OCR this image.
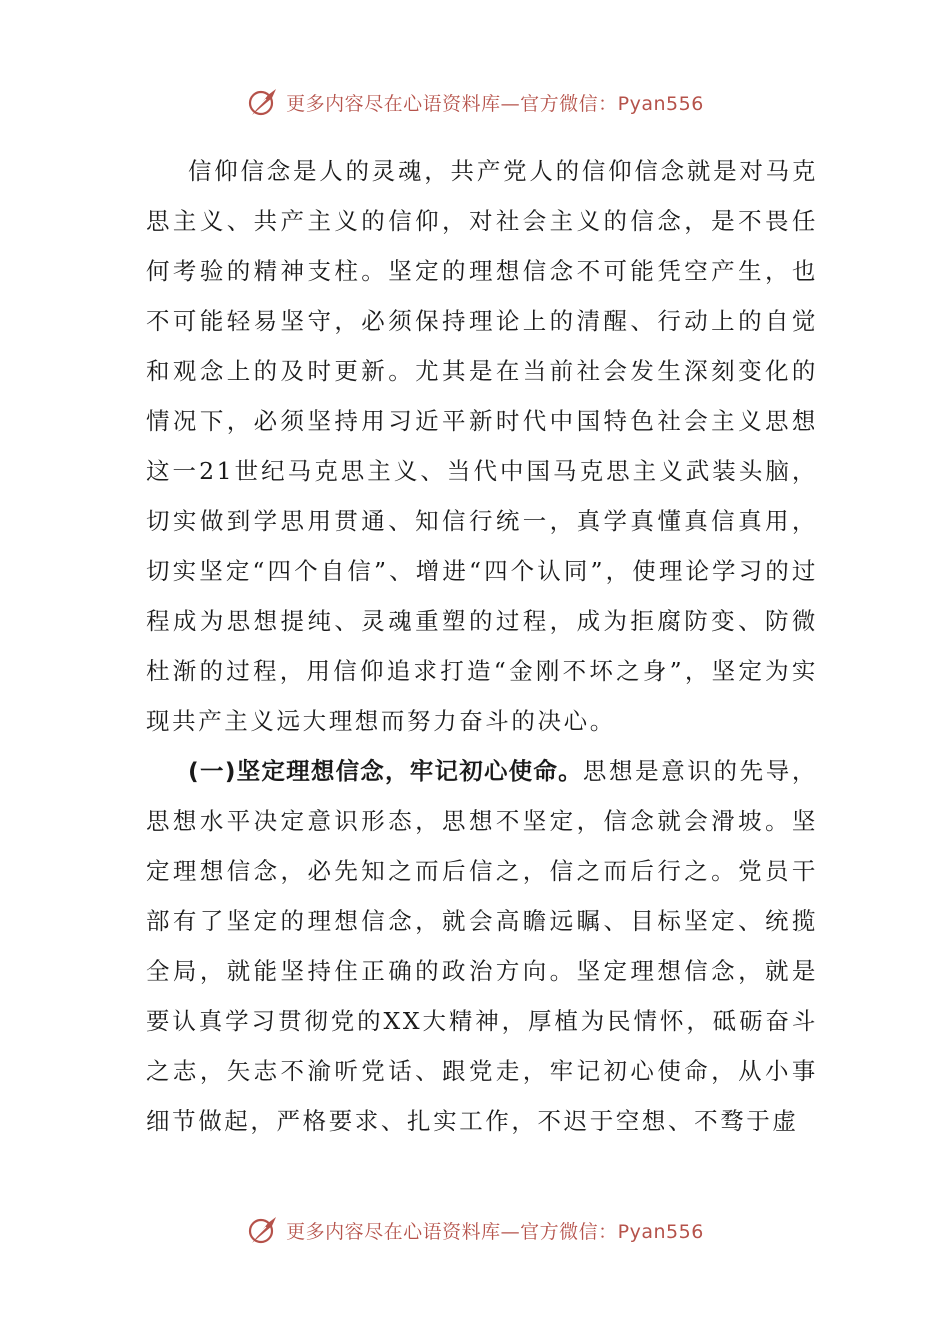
更多内容尽在心语资料库—官方微信：Pyan556

信仰信念是人的灵魂，共产党人的信仰信念就是对马克思主义、共产主义的信仰，对社会主义的信念，是不畏任何考验的精神支柱。坚定的理想信念不可能凭空产生，也不可能轻易坚守，必须保持理论上的清醒、行动上的自觉和观念上的及时更新。尤其是在当前社会发生深刻变化的情况下，必须坚持用习近平新时代中国特色社会主义思想这一21世纪马克思主义、当代中国马克思主义武装头脑，切实做到学思用贯通、知信行统一，真学真懂真信真用，切实坚定“四个自信”、增进“四个认同”，使理论学习的过程成为思想提纯、灵魂重塑的过程，成为拒腐防变、防微杜渐的过程，用信仰追求打造“金刚不坏之身”，坚定为实现共产主义远大理想而努力奋斗的决心。

(一)坚定理想信念，牢记初心使命。思想是意识的先导，思想水平决定意识形态，思想不坚定，信念就会滑坡。坚定理想信念，必先知之而后信之，信之而后行之。党员干部有了坚定的理想信念，就会高瞻远瞩、目标坚定、统揽全局，就能坚持住正确的政治方向。坚定理想信念，就是要认真学习贯彻党的XX大精神，厚植为民情怀，砥砺奋斗之志，矢志不渝听党话、跟党走，牢记初心使命，从小事细节做起，严格要求、扎实工作，不迟于空想、不骛于虚

更多内容尽在心语资料库—官方微信：Pyan556
